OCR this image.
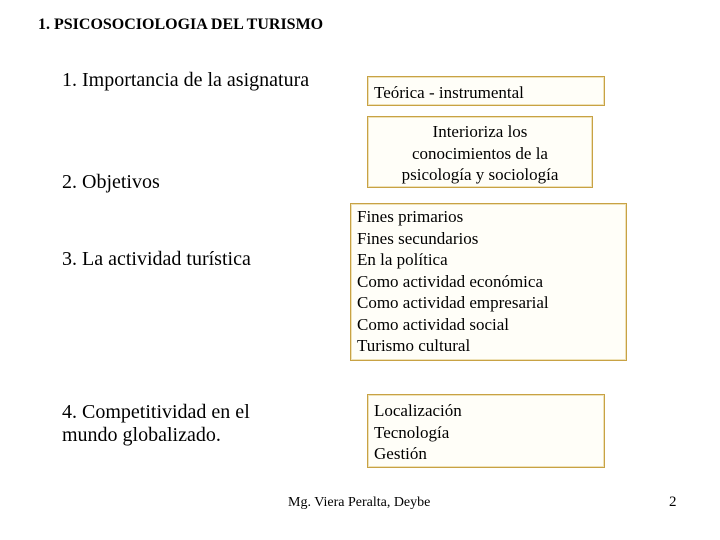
1. PSICOSOCIOLOGIA DEL TURISMO
1. Importancia de la asignatura
Teórica - instrumental
2. Objetivos
Interioriza los
conocimientos de la
psicología y sociología
3. La actividad turística
Fines primarios
Fines secundarios
En la política
Como actividad económica
Como actividad empresarial
Como actividad social
Turismo cultural
4. Competitividad en el
mundo globalizado.
Localización
Tecnología
Gestión
Mg. Viera Peralta, Deybe	2
